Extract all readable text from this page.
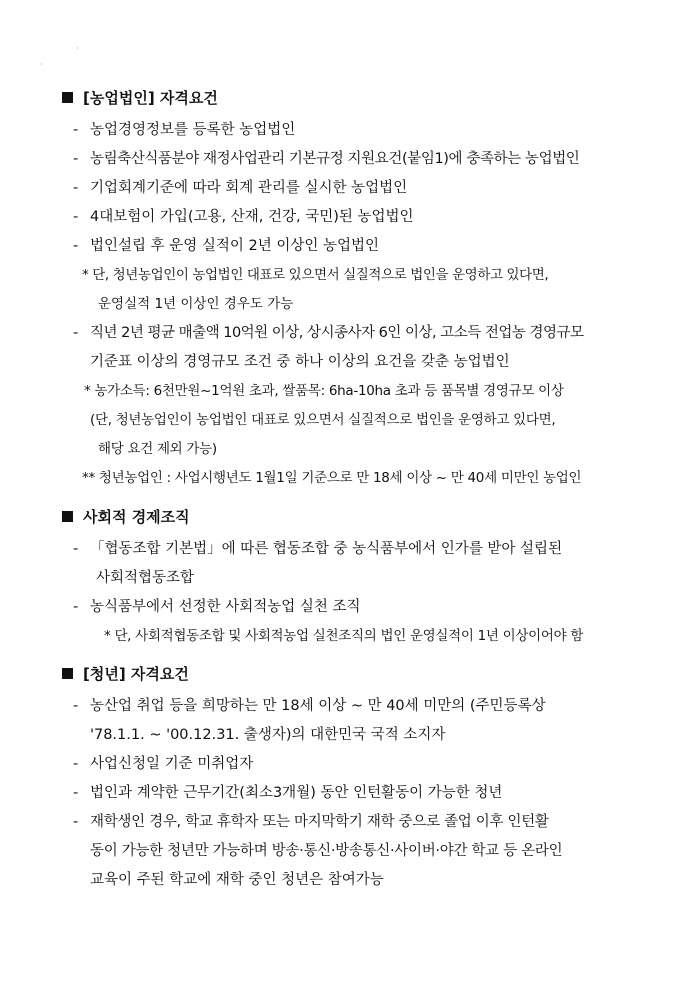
·
·
[농업법인] 자격요건
- 농업경영정보를 등록한 농업법인
- 농림축산식품분야 재정사업관리 기본규정 지원요건(붙임1)에 충족하는 농업법인
- 기업회계기준에 따라 회계 관리를 실시한 농업법인
- 4대보험이 가입(고용, 산재, 건강, 국민)된 농업법인
- 법인설립 후 운영 실적이 2년 이상인 농업법인
* 단, 청년농업인이 농업법인 대표로 있으면서 실질적으로 법인을 운영하고 있다면,
운영실적 1년 이상인 경우도 가능
- 직년 2년 평균 매출액 10억원 이상, 상시종사자 6인 이상, 고소득 전업농 경영규모
기준표 이상의 경영규모 조건 중 하나 이상의 요건을 갖춘 농업법인
* 농가소득: 6천만원~1억원 초과, 쌀품목: 6ha-10ha 초과 등 품목별 경영규모 이상
(단, 청년농업인이 농업법인 대표로 있으면서 실질적으로 법인을 운영하고 있다면,
해당 요건 제외 가능)
** 청년농업인 : 사업시행년도 1월1일 기준으로 만 18세 이상 ~ 만 40세 미만인 농업인
사회적 경제조직
- 「협동조합 기본법」에 따른 협동조합 중 농식품부에서 인가를 받아 설립된
사회적협동조합
- 농식품부에서 선정한 사회적농업 실천 조직
* 단, 사회적협동조합 및 사회적농업 실천조직의 법인 운영실적이 1년 이상이어야 함
[청년] 자격요건
- 농산업 취업 등을 희망하는 만 18세 이상 ~ 만 40세 미만의 (주민등록상
'78.1.1. ~ '00.12.31. 출생자)의 대한민국 국적 소지자
- 사업신청일 기준 미취업자
- 법인과 계약한 근무기간(최소3개월) 동안 인턴활동이 가능한 청년
- 재학생인 경우, 학교 휴학자 또는 마지막학기 재학 중으로 졸업 이후 인턴활
동이 가능한 청년만 가능하며 방송·통신·방송통신·사이버·야간 학교 등 온라인
교육이 주된 학교에 재학 중인 청년은 참여가능
